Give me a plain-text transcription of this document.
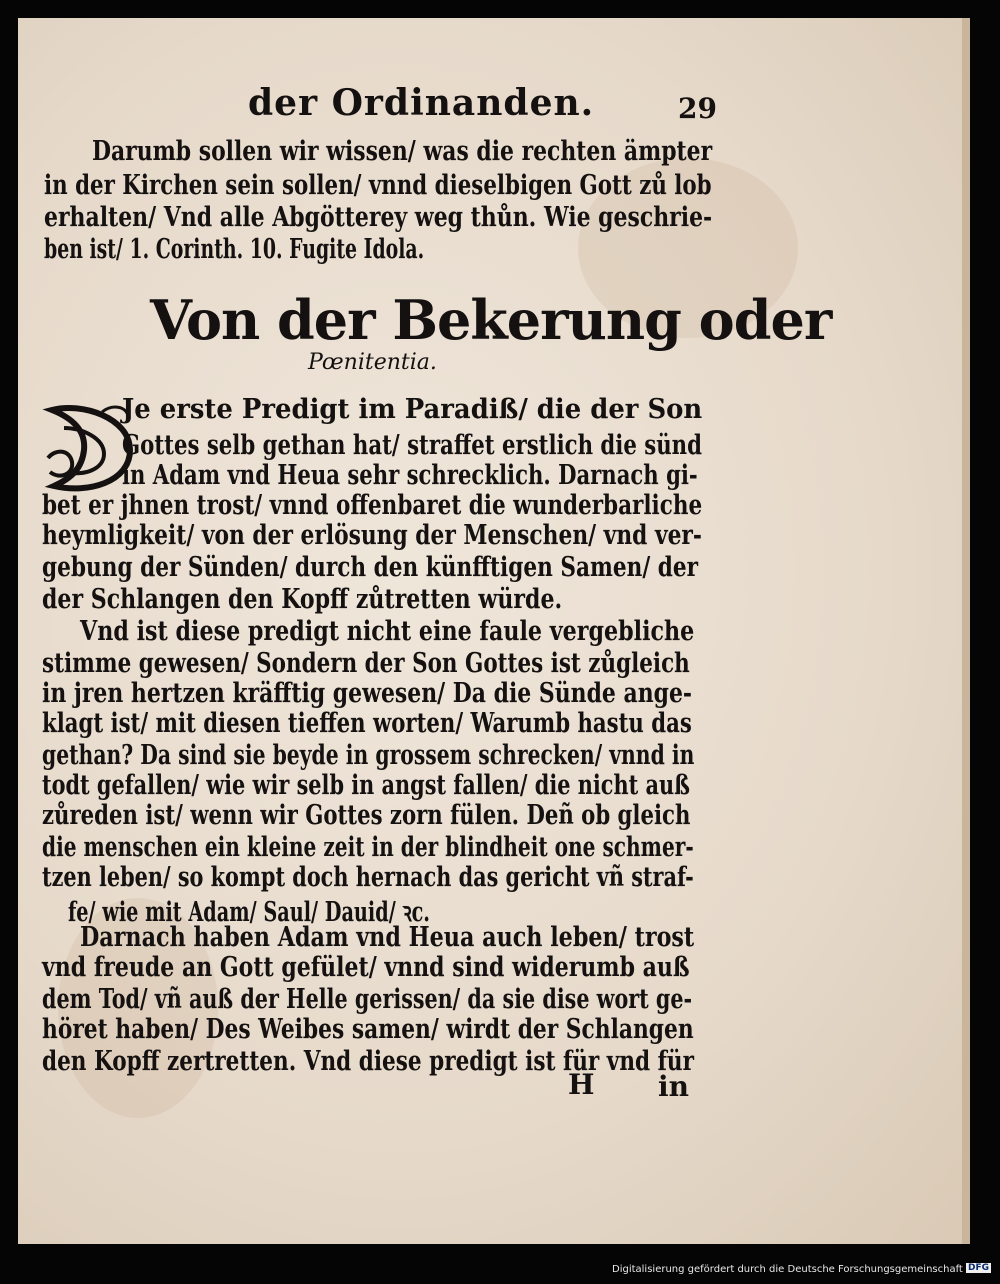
der Ordinanden.	29
Darumb sollen wir wissen/ was die rechten ämpter
in der Kirchen sein sollen/ vnnd dieselbigen Gott zů lob
erhalten/ Vnd alle Abgötterey weg thůn. Wie geschrie-
ben ist/ 1. Corinth. 10. Fugite Idola.
Von der Bekerung oder
Pœnitentia.
Je erste Predigt im Paradiß/ die der Son
Gottes selb gethan hat/ straffet erstlich die sünd
in Adam vnd Heua sehr schrecklich. Darnach gi-
bet er jhnen trost/ vnnd offenbaret die wunderbarliche
heymligkeit/ von der erlösung der Menschen/ vnd ver-
gebung der Sünden/ durch den künfftigen Samen/ der
der Schlangen den Kopff zůtretten würde.
Vnd ist diese predigt nicht eine faule vergebliche
stimme gewesen/ Sondern der Son Gottes ist zůgleich
in jren hertzen kräfftig gewesen/ Da die Sünde ange-
klagt ist/ mit diesen tieffen worten/ Warumb hastu das
gethan? Da sind sie beyde in grossem schrecken/ vnnd in
todt gefallen/ wie wir selb in angst fallen/ die nicht auß
zůreden ist/ wenn wir Gottes zorn fülen. Deñ ob gleich
die menschen ein kleine zeit in der blindheit one schmer-
tzen leben/ so kompt doch hernach das gericht vñ straf-
fe/ wie mit Adam/ Saul/ Dauid/ ꝛc.
Darnach haben Adam vnd Heua auch leben/ trost
vnd freude an Gott gefület/ vnnd sind widerumb auß
dem Tod/ vñ auß der Helle gerissen/ da sie dise wort ge-
höret haben/ Des Weibes samen/ wirdt der Schlangen
den Kopff zertretten. Vnd diese predigt ist für vnd für
H in
Digitalisierung gefördert durch die Deutsche Forschungsgemeinschaft DFG
